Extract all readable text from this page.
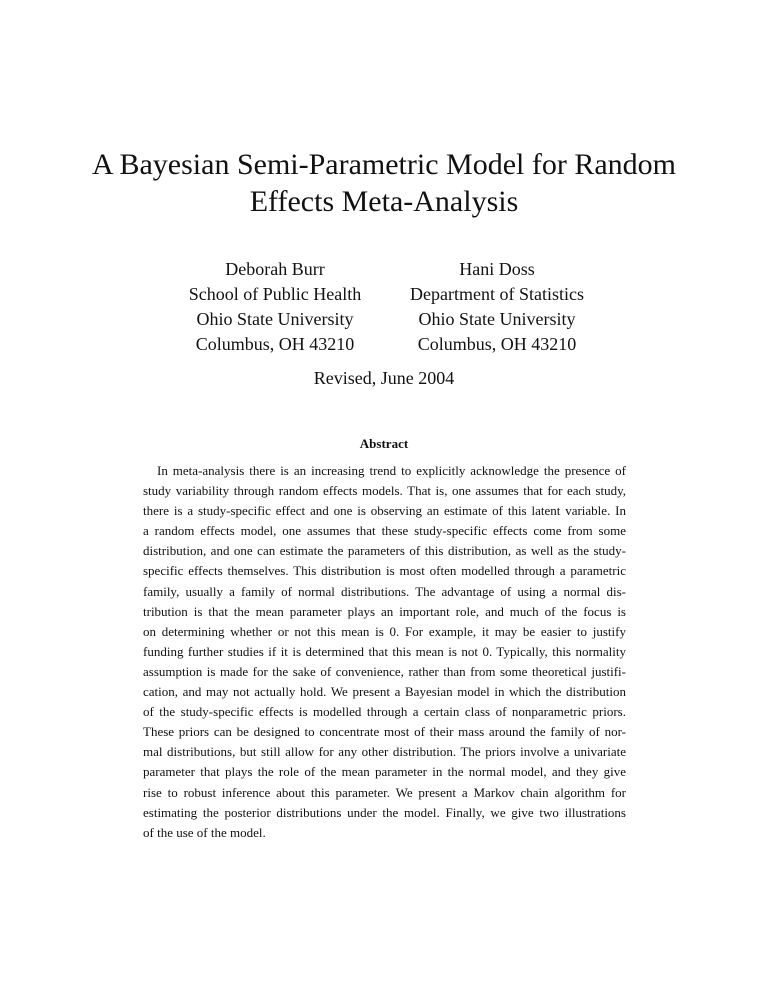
A Bayesian Semi-Parametric Model for Random
Effects Meta-Analysis
Deborah Burr
School of Public Health
Ohio State University
Columbus, OH 43210
Hani Doss
Department of Statistics
Ohio State University
Columbus, OH 43210
Revised, June 2004
Abstract
In meta-analysis there is an increasing trend to explicitly acknowledge the presence of
study variability through random effects models. That is, one assumes that for each study,
there is a study-specific effect and one is observing an estimate of this latent variable. In
a random effects model, one assumes that these study-specific effects come from some
distribution, and one can estimate the parameters of this distribution, as well as the study-
specific effects themselves. This distribution is most often modelled through a parametric
family, usually a family of normal distributions. The advantage of using a normal dis-
tribution is that the mean parameter plays an important role, and much of the focus is
on determining whether or not this mean is 0. For example, it may be easier to justify
funding further studies if it is determined that this mean is not 0. Typically, this normality
assumption is made for the sake of convenience, rather than from some theoretical justifi-
cation, and may not actually hold. We present a Bayesian model in which the distribution
of the study-specific effects is modelled through a certain class of nonparametric priors.
These priors can be designed to concentrate most of their mass around the family of nor-
mal distributions, but still allow for any other distribution. The priors involve a univariate
parameter that plays the role of the mean parameter in the normal model, and they give
rise to robust inference about this parameter. We present a Markov chain algorithm for
estimating the posterior distributions under the model. Finally, we give two illustrations
of the use of the model.
